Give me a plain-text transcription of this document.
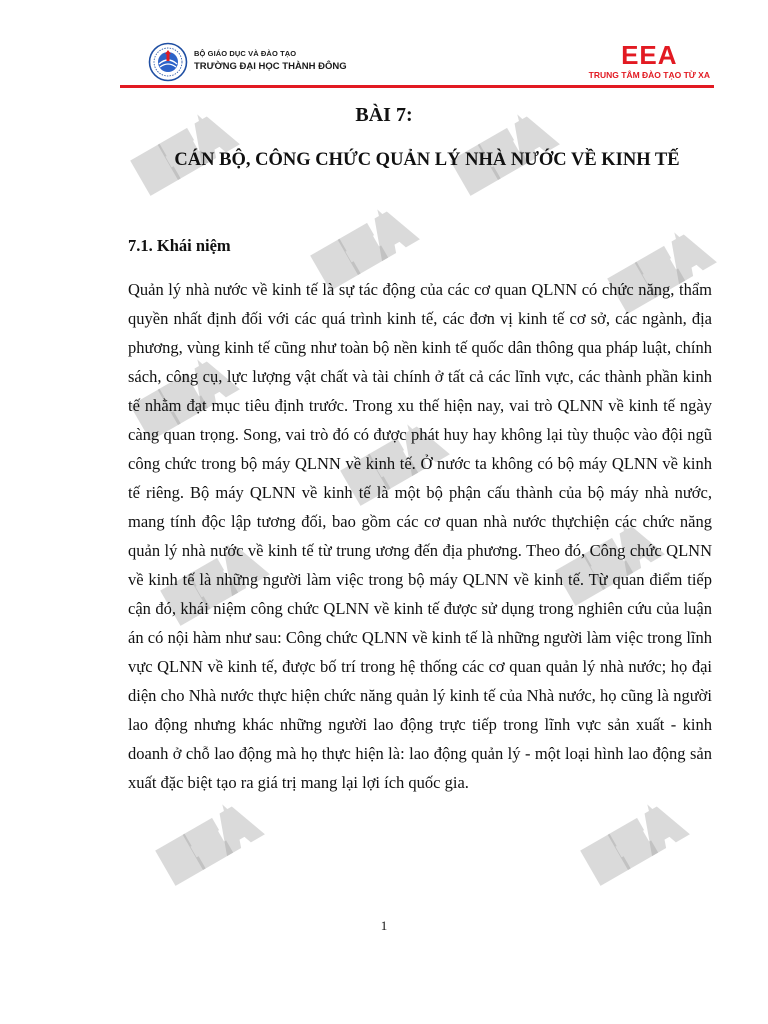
EEA	EEA
EEA	EEA
EEA
EEA
EEA
EEA
EEA	EEA
BỘ GIÁO DỤC VÀ ĐÀO TẠO
TRƯỜNG ĐẠI HỌC THÀNH ĐÔNG	EEA
TRUNG TÂM ĐÀO TẠO TỪ XA
BÀI 7:
CÁN BỘ, CÔNG CHỨC QUẢN LÝ NHÀ NƯỚC VỀ KINH TẾ
7.1. Khái niệm

Quản lý nhà nước về kinh tế là sự tác động của các cơ quan QLNN có chức năng, thẩm quyền nhất định đối với các quá trình kinh tế, các đơn vị kinh tế cơ sở, các ngành, địa phương, vùng kinh tế cũng như toàn bộ nền kinh tế quốc dân thông qua pháp luật, chính sách, công cụ, lực lượng vật chất và tài chính ở tất cả các lĩnh vực, các thành phần kinh tế nhằm đạt mục tiêu định trước. Trong xu thế hiện nay, vai trò QLNN về kinh tế ngày càng quan trọng. Song, vai trò đó có được phát huy hay không lại tùy thuộc vào đội ngũ công chức trong bộ máy QLNN về kinh tế. Ở nước ta không có bộ máy QLNN về kinh tế riêng. Bộ máy QLNN về kinh tế là một bộ phận cấu thành của bộ máy nhà nước, mang tính độc lập tương đối, bao gồm các cơ quan nhà nước thựchiện các chức năng quản lý nhà nước về kinh tế từ trung ương đến địa phương. Theo đó, Công chức QLNN về kinh tế là những người làm việc trong bộ máy QLNN về kinh tế. Từ quan điểm tiếp cận đó, khái niệm công chức QLNN về kinh tế được sử dụng trong nghiên cứu của luận án có nội hàm như sau: Công chức QLNN về kinh tế là những người làm việc trong lĩnh vực QLNN về kinh tế, được bố trí trong hệ thống các cơ quan quản lý nhà nước; họ đại diện cho Nhà nước thực hiện chức năng quản lý kinh tế của Nhà nước, họ cũng là người lao động nhưng khác những người lao động trực tiếp trong lĩnh vực sản xuất - kinh doanh ở chỗ lao động mà họ thực hiện là: lao động quản lý - một loại hình lao động sản xuất đặc biệt tạo ra giá trị mang lại lợi ích quốc gia.

1
